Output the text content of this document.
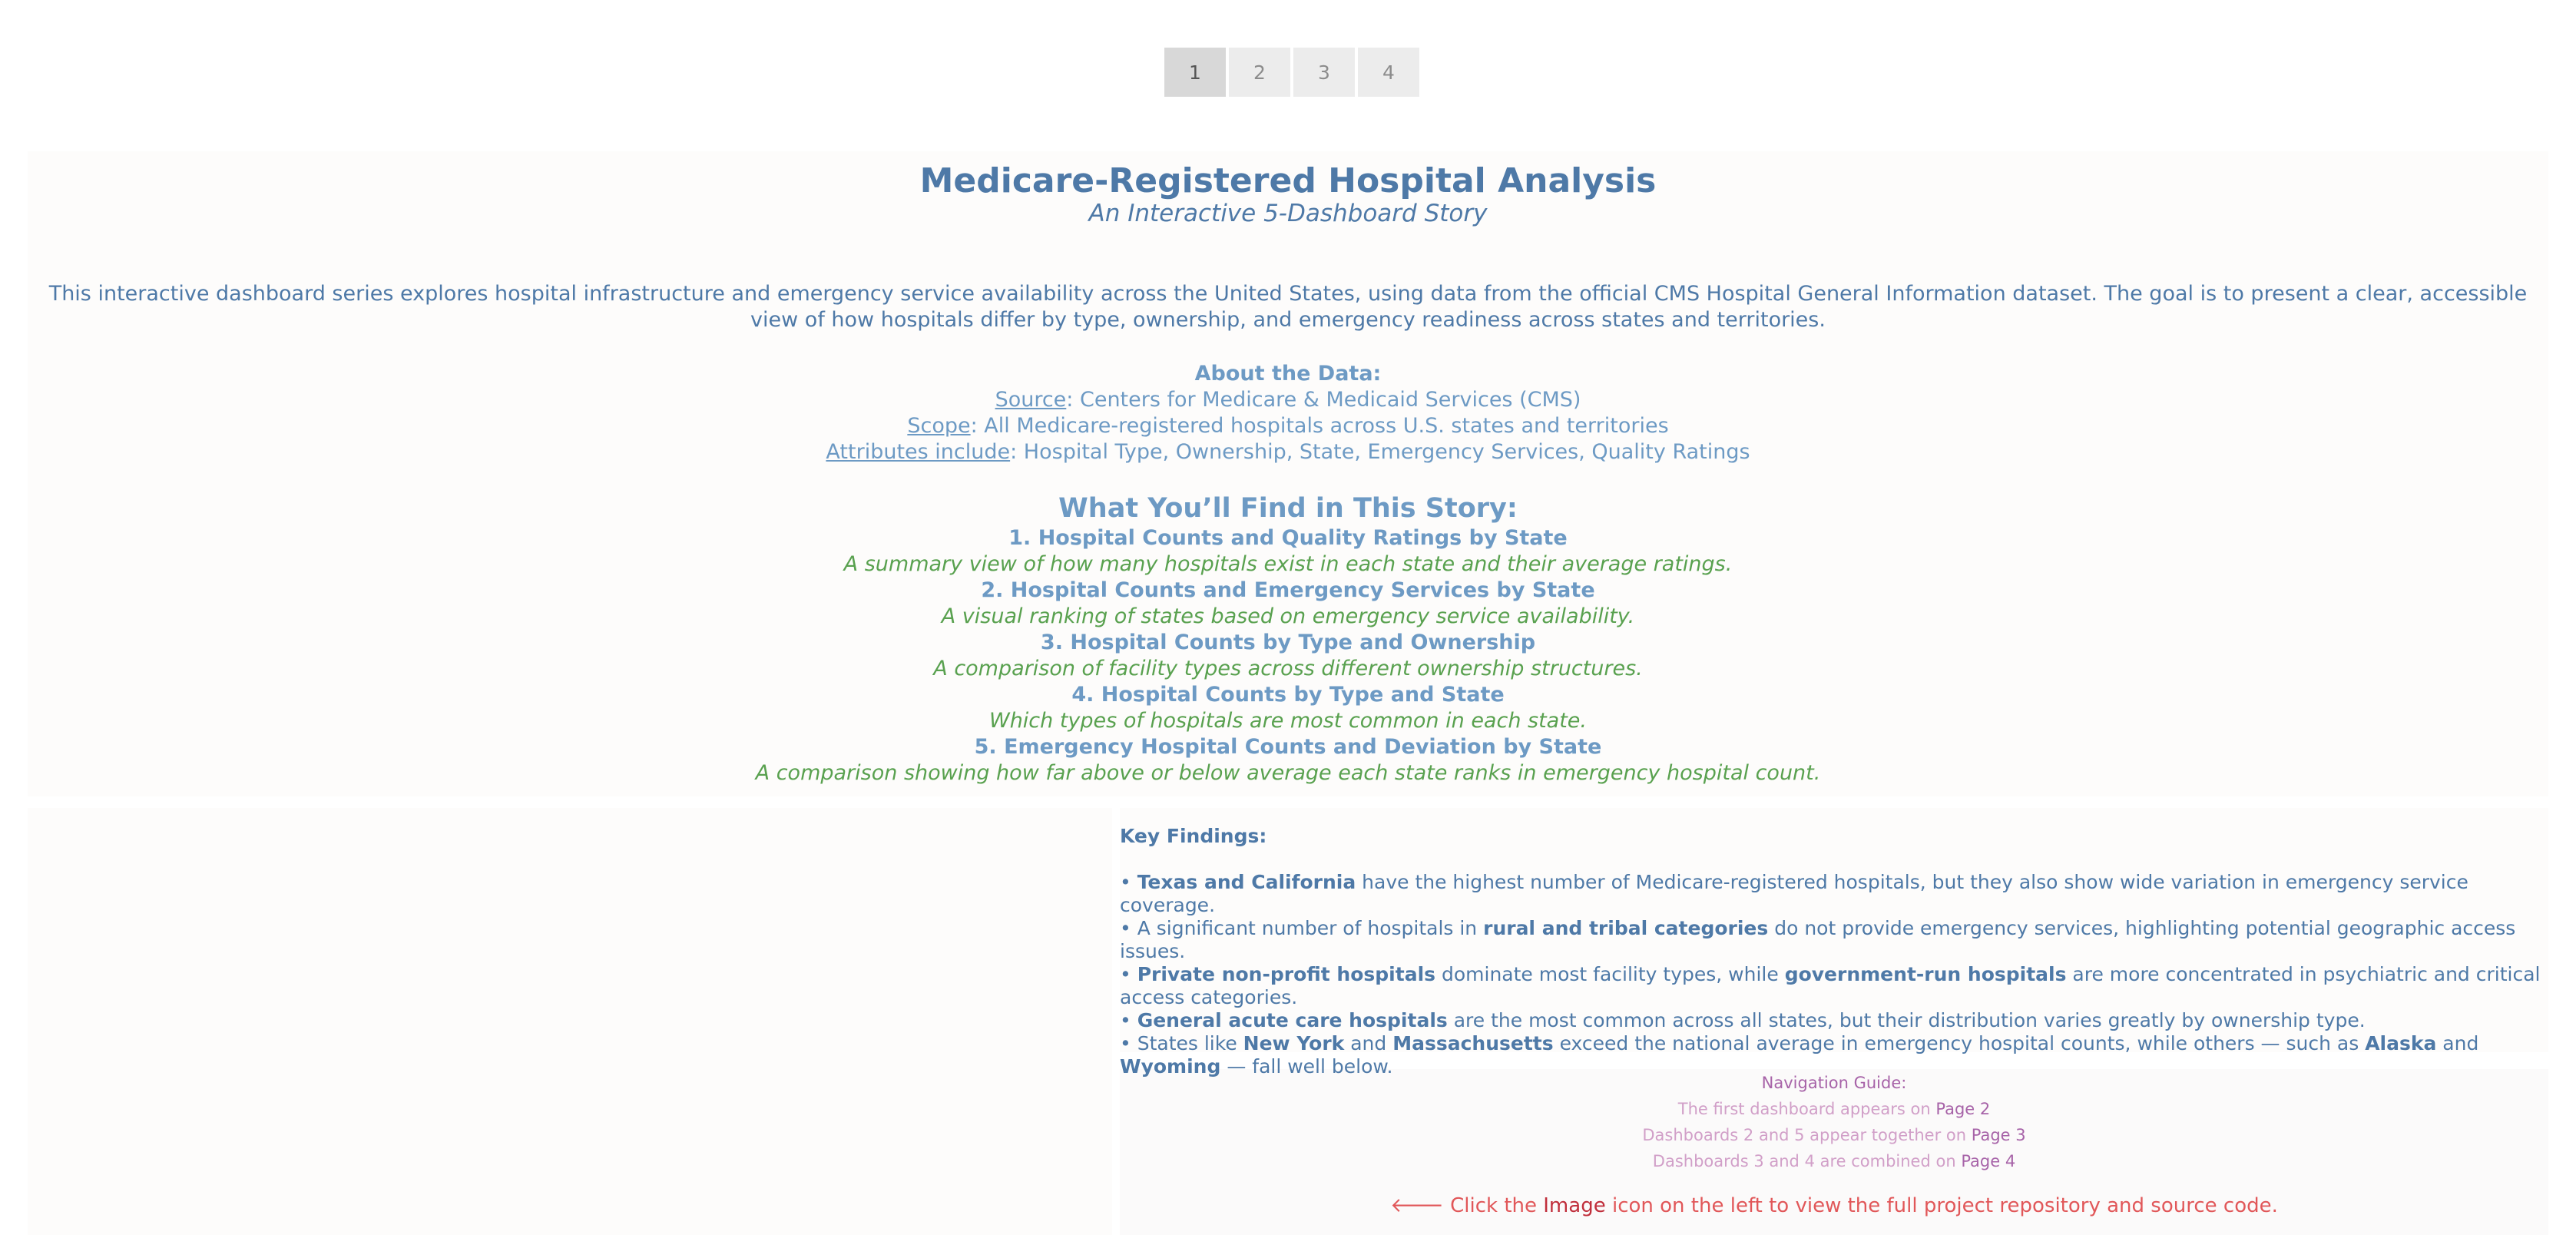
1	2	3	4
Medicare-Registered Hospital Analysis
An Interactive 5-Dashboard Story
This interactive dashboard series explores hospital infrastructure and emergency service availability across the United States, using data from the official CMS Hospital General Information dataset. The goal is to present a clear, accessible view of how hospitals differ by type, ownership, and emergency readiness across states and territories.
About the Data:
Source: Centers for Medicare & Medicaid Services (CMS)
Scope: All Medicare-registered hospitals across U.S. states and territories
Attributes include: Hospital Type, Ownership, State, Emergency Services, Quality Ratings
What You’ll Find in This Story:
1. Hospital Counts and Quality Ratings by State
A summary view of how many hospitals exist in each state and their average ratings.
2. Hospital Counts and Emergency Services by State
A visual ranking of states based on emergency service availability.
3. Hospital Counts by Type and Ownership
A comparison of facility types across different ownership structures.
4. Hospital Counts by Type and State
Which types of hospitals are most common in each state.
5. Emergency Hospital Counts and Deviation by State
A comparison showing how far above or below average each state ranks in emergency hospital count.
Key Findings:
• Texas and California have the highest number of Medicare-registered hospitals, but they also show wide variation in emergency service coverage.
• A significant number of hospitals in rural and tribal categories do not provide emergency services, highlighting potential geographic access issues.
• Private non-profit hospitals dominate most facility types, while government-run hospitals are more concentrated in psychiatric and critical access categories.
• General acute care hospitals are the most common across all states, but their distribution varies greatly by ownership type.
• States like New York and Massachusetts exceed the national average in emergency hospital counts, while others — such as Alaska and Wyoming — fall well below.
Navigation Guide:
The first dashboard appears on Page 2
Dashboards 2 and 5 appear together on Page 3
Dashboards 3 and 4 are combined on Page 4
🡐 Click the Image icon on the left to view the full project repository and source code.
